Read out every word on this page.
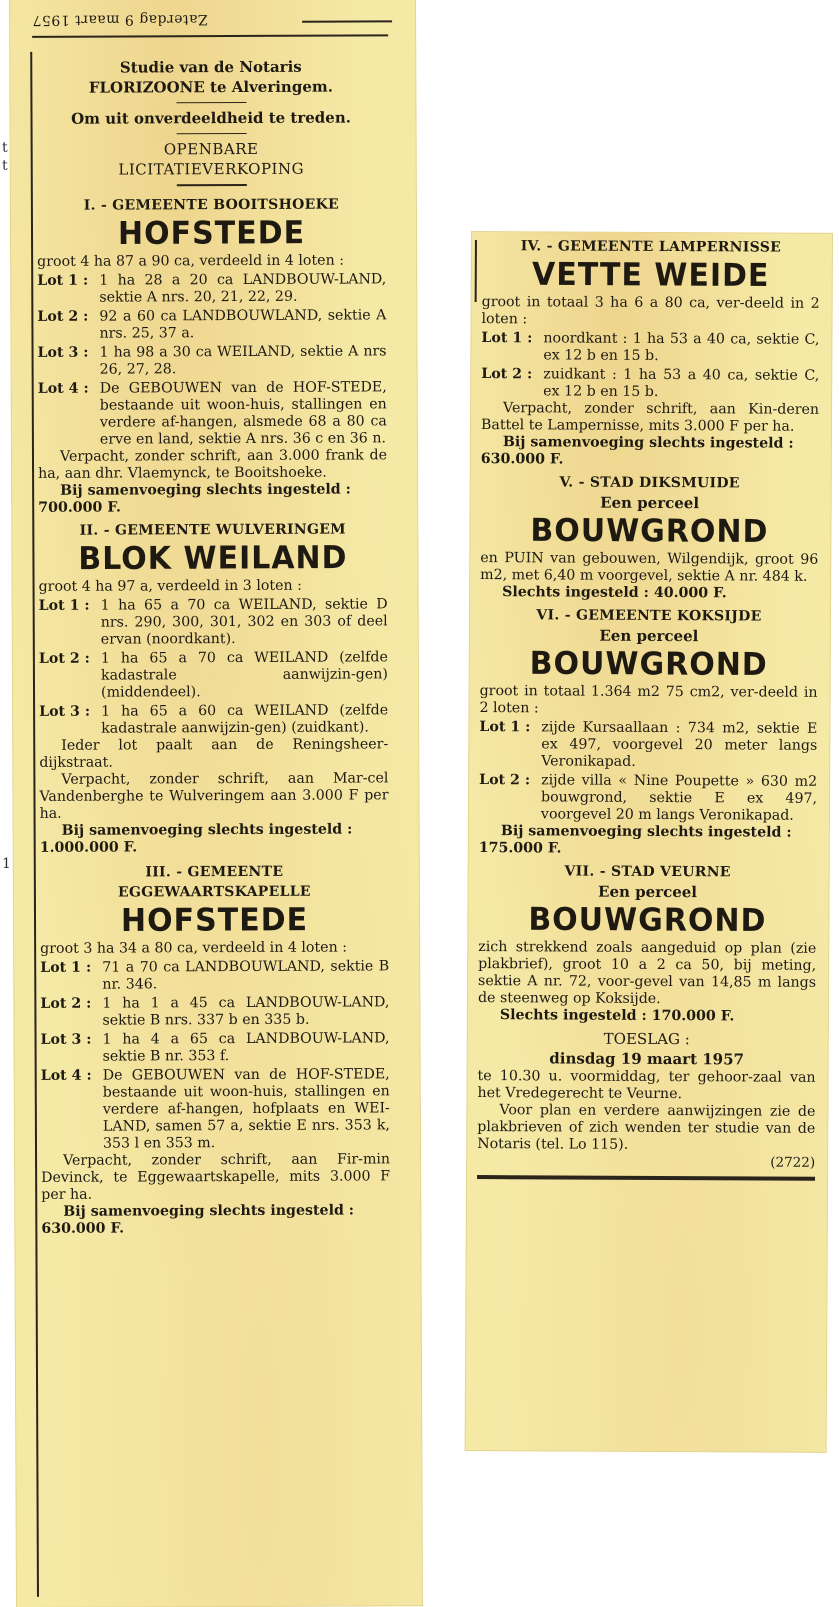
t
t
1
Zaterdag 9 maart 1957
Studie van de Notaris
FLORIZOONE te Alveringem.
Om uit onverdeeldheid te treden.
OPENBARE
LICITATIEVERKOPING
I. - GEMEENTE BOOITSHOEKE
HOFSTEDE
groot 4 ha 87 a 90 ca, verdeeld in 4 loten :
Lot 1 : 1 ha 28 a 20 ca LANDBOUW-LAND, sektie A nrs. 20, 21, 22, 29.
Lot 2 : 92 a 60 ca LANDBOUWLAND, sektie A nrs. 25, 37 a.
Lot 3 : 1 ha 98 a 30 ca WEILAND, sektie A nrs 26, 27, 28.
Lot 4 : De GEBOUWEN van de HOF-STEDE, bestaande uit woon-huis, stallingen en verdere af-hangen, alsmede 68 a 80 ca erve en land, sektie A nrs. 36 c en 36 n.
Verpacht, zonder schrift, aan 3.000 frank de ha, aan dhr. Vlaemynck, te Booitshoeke.
Bij samenvoeging slechts ingesteld : 700.000 F.
II. - GEMEENTE WULVERINGEM
BLOK WEILAND
groot 4 ha 97 a, verdeeld in 3 loten :
Lot 1 : 1 ha 65 a 70 ca WEILAND, sektie D nrs. 290, 300, 301, 302 en 303 of deel ervan (noordkant).
Lot 2 : 1 ha 65 a 70 ca WEILAND (zelfde kadastrale aanwijzin-gen) (middendeel).
Lot 3 : 1 ha 65 a 60 ca WEILAND (zelfde kadastrale aanwijzin-gen) (zuidkant).
Ieder lot paalt aan de Reningsheer-dijkstraat.
Verpacht, zonder schrift, aan Mar-cel Vandenberghe te Wulveringem aan 3.000 F per ha.
Bij samenvoeging slechts ingesteld : 1.000.000 F.
III. - GEMEENTE
EGGEWAARTSKAPELLE
HOFSTEDE
groot 3 ha 34 a 80 ca, verdeeld in 4 loten :
Lot 1 : 71 a 70 ca LANDBOUWLAND, sektie B nr. 346.
Lot 2 : 1 ha 1 a 45 ca LANDBOUW-LAND, sektie B nrs. 337 b en 335 b.
Lot 3 : 1 ha 4 a 65 ca LANDBOUW-LAND, sektie B nr. 353 f.
Lot 4 : De GEBOUWEN van de HOF-STEDE, bestaande uit woon-huis, stallingen en verdere af-hangen, hofplaats en WEI-LAND, samen 57 a, sektie E nrs. 353 k, 353 l en 353 m.
Verpacht, zonder schrift, aan Fir-min Devinck, te Eggewaartskapelle, mits 3.000 F per ha.
Bij samenvoeging slechts ingesteld : 630.000 F.
IV. - GEMEENTE LAMPERNISSE
VETTE WEIDE
groot in totaal 3 ha 6 a 80 ca, ver-deeld in 2 loten :
Lot 1 : noordkant : 1 ha 53 a 40 ca, sektie C, ex 12 b en 15 b.
Lot 2 : zuidkant : 1 ha 53 a 40 ca, sektie C, ex 12 b en 15 b.
Verpacht, zonder schrift, aan Kin-deren Battel te Lampernisse, mits 3.000 F per ha.
Bij samenvoeging slechts ingesteld : 630.000 F.
V. - STAD DIKSMUIDE
Een perceel
BOUWGROND
en PUIN van gebouwen, Wilgendijk, groot 96 m2, met 6,40 m voorgevel, sektie A nr. 484 k.
Slechts ingesteld : 40.000 F.
VI. - GEMEENTE KOKSIJDE
Een perceel
BOUWGROND
groot in totaal 1.364 m2 75 cm2, ver-deeld in 2 loten :
Lot 1 : zijde Kursaallaan : 734 m2, sektie E ex 497, voorgevel 20 meter langs Veronikapad.
Lot 2 : zijde villa « Nine Poupette » 630 m2 bouwgrond, sektie E ex 497, voorgevel 20 m langs Veronikapad.
Bij samenvoeging slechts ingesteld : 175.000 F.
VII. - STAD VEURNE
Een perceel
BOUWGROND
zich strekkend zoals aangeduid op plan (zie plakbrief), groot 10 a 2 ca 50, bij meting, sektie A nr. 72, voor-gevel van 14,85 m langs de steenweg op Koksijde.
Slechts ingesteld : 170.000 F.
TOESLAG :
dinsdag 19 maart 1957
te 10.30 u. voormiddag, ter gehoor-zaal van het Vredegerecht te Veurne.
Voor plan en verdere aanwijzingen zie de plakbrieven of zich wenden ter studie van de Notaris (tel. Lo 115).
(2722)
